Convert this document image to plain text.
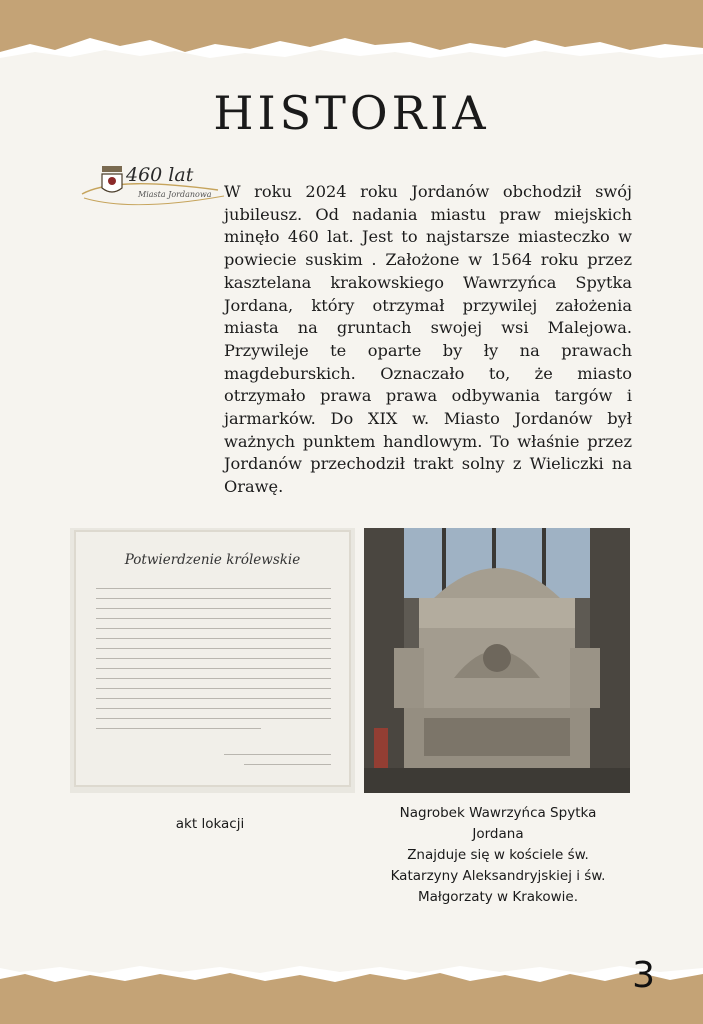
HISTORIA
460 lat
Miasta Jordanowa W roku 2024 roku Jordanów obchodził swój jubileusz. Od nadania miastu praw miejskich minęło 460 lat. Jest to najstarsze miasteczko w powiecie suskim . Założone w 1564 roku przez kasztelana krakowskiego Wawrzyńca Spytka Jordana, który otrzymał przywilej założenia miasta na gruntach swojej wsi Malejowa. Przywileje te oparte by ły na prawach magdeburskich. Oznaczało to, że miasto otrzymało prawa prawa odbywania targów i jarmarków. Do XIX w. Miasto Jordanów był ważnych punktem handlowym. To właśnie przez Jordanów przechodził trakt solny z Wieliczki na Orawę.

Potwierdzenie królewskie
akt lokacji
Nagrobek Wawrzyńca Spytka
Jordana
Znajduje się w kościele św.
Katarzyny Aleksandryjskiej i św.
Małgorzaty w Krakowie.
3
